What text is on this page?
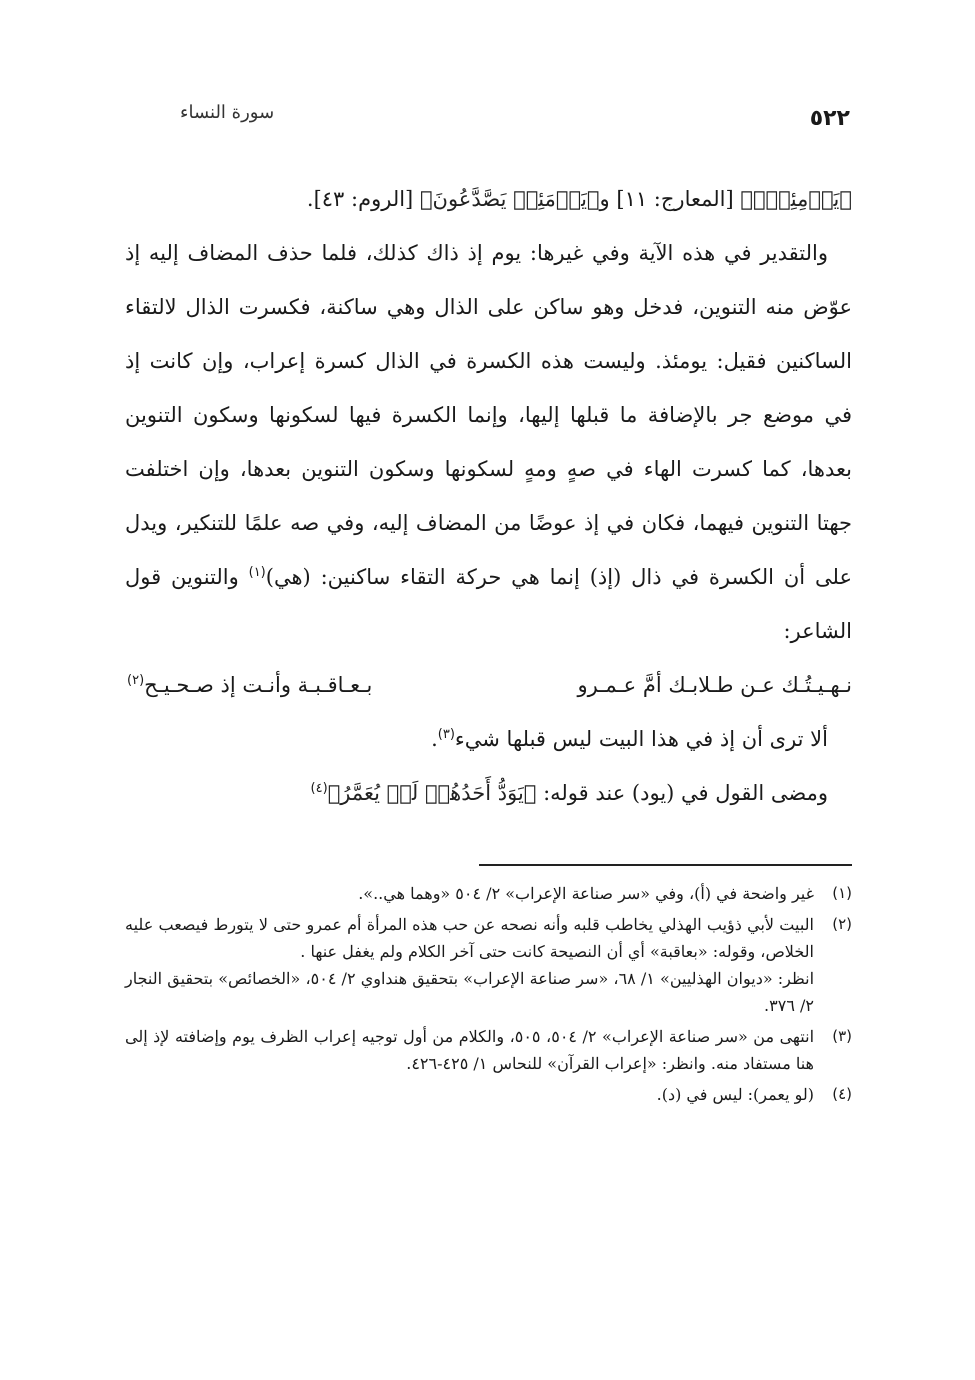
٥٢٢
سورة النساء

﴿يَوۡمِئِذٍۭ﴾ [المعارج: ١١] و﴿يَوۡمَئِذٖ يَصَّدَّعُونَ﴾ [الروم: ٤٣].

والتقدير في هذه الآية وفي غيرها: يوم إذ ذاك كذلك، فلما حذف المضاف إليه إذ عوّض منه التنوين، فدخل وهو ساكن على الذال وهي ساكنة، فكسرت الذال لالتقاء الساكنين فقيل: يومئذ. وليست هذه الكسرة في الذال كسرة إعراب، وإن كانت إذ في موضع جر بالإضافة ما قبلها إليها، وإنما الكسرة فيها لسكونها وسكون التنوين بعدها، كما كسرت الهاء في صهٍ ومهٍ لسكونها وسكون التنوين بعدها، وإن اختلفت جهتا التنوين فيهما، فكان في إذ عوضًا من المضاف إليه، وفي صه علمًا للتنكير، ويدل على أن الكسرة في ذال (إذ) إنما هي حركة التقاء ساكنين: (هي)$^{(١)}$ والتنوين قول الشاعر:

نـهـيـتُـك عـن طـلابـك أمَّ عـمـرو
بـعـاقـبـة وأنـت إذ صـحـيـح$^{(٢)}$

ألا ترى أن إذ في هذا البيت ليس قبلها شيء$^{(٣)}$.

ومضى القول في (يود) عند قوله: ﴿يَوَدُّ أَحَدُهُمۡ لَوۡ يُعَمَّرُ﴾$^{(٤)}$

(١)

غير واضحة في (أ)، وفي «سر صناعة الإعراب» ٢/ ٥٠٤ «وهما هي..».

(٢)

البيت لأبي ذؤيب الهذلي يخاطب قلبه وأنه نصحه عن حب هذه المرأة أم عمرو حتى لا يتورط فيصعب عليه الخلاص، وقوله: «بعاقبة» أي أن النصيحة كانت حتى آخر الكلام ولم يغفل عنها .

انظر: «ديوان الهذليين» ١/ ٦٨، «سر صناعة الإعراب» بتحقيق هنداوي ٢/ ٥٠٤، «الخصائص» بتحقيق النجار ٢/ ٣٧٦.

(٣)

انتهى من «سر صناعة الإعراب» ٢/ ٥٠٤، ٥٠٥، والكلام من أول توجيه إعراب الظرف يوم وإضافته لإذ إلى هنا مستفاد منه. وانظر: «إعراب القرآن» للنحاس ١/ ٤٢٥-٤٢٦.

(٤)

(لو يعمر): ليس في (د).
